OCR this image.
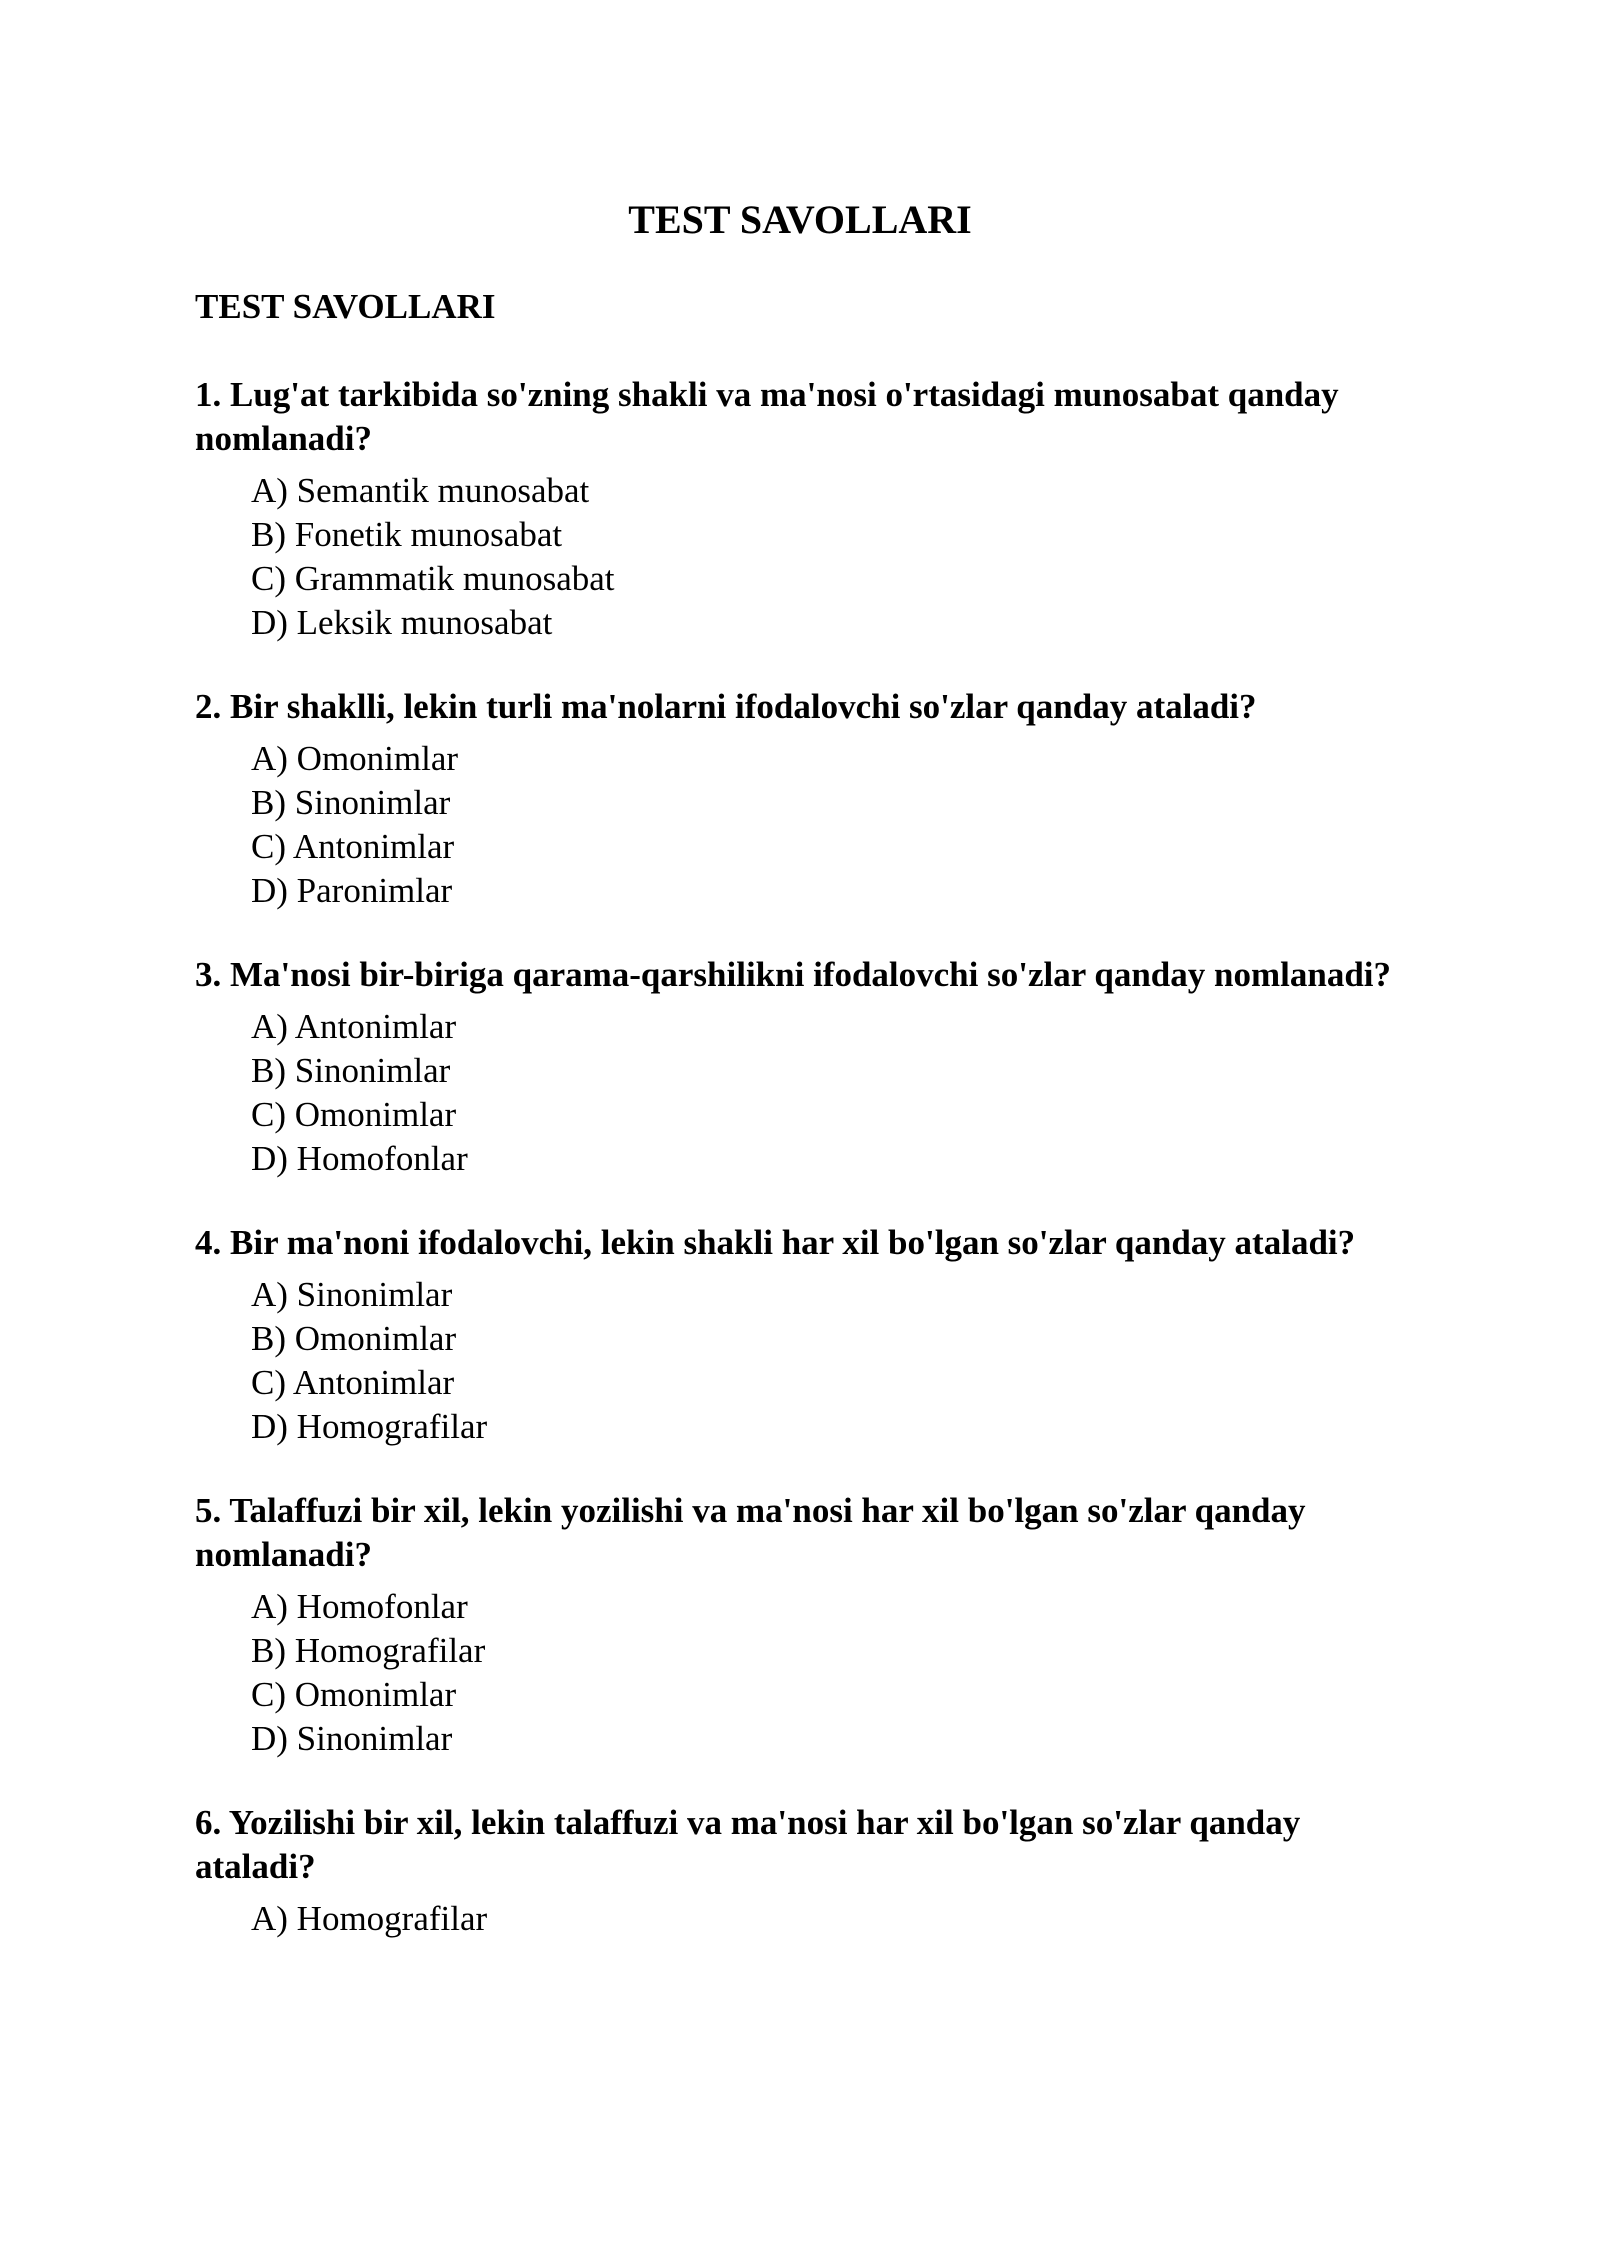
TEST SAVOLLARI
TEST SAVOLLARI

1. Lug'at tarkibida so'zning shakli va ma'nosi o'rtasidagi munosabat qanday nomlanadi?

A) Semantik munosabat
B) Fonetik munosabat
C) Grammatik munosabat
D) Leksik munosabat

2. Bir shaklli, lekin turli ma'nolarni ifodalovchi so'zlar qanday ataladi?

A) Omonimlar
B) Sinonimlar
C) Antonimlar
D) Paronimlar

3. Ma'nosi bir-biriga qarama-qarshilikni ifodalovchi so'zlar qanday nomlanadi?

A) Antonimlar
B) Sinonimlar
C) Omonimlar
D) Homofonlar

4. Bir ma'noni ifodalovchi, lekin shakli har xil bo'lgan so'zlar qanday ataladi?

A) Sinonimlar
B) Omonimlar
C) Antonimlar
D) Homografilar

5. Talaffuzi bir xil, lekin yozilishi va ma'nosi har xil bo'lgan so'zlar qanday nomlanadi?

A) Homofonlar
B) Homografilar
C) Omonimlar
D) Sinonimlar

6. Yozilishi bir xil, lekin talaffuzi va ma'nosi har xil bo'lgan so'zlar qanday ataladi?

A) Homografilar
